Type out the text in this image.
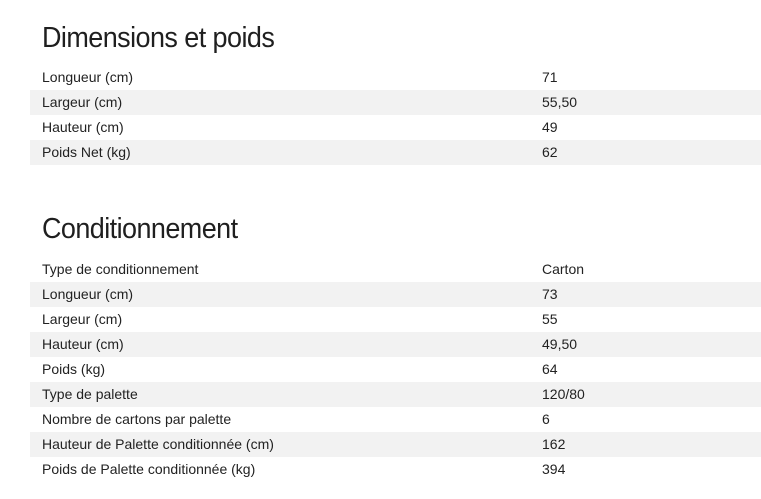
Dimensions et poids
Longueur (cm)	71
Largeur (cm)	55,50
Hauteur (cm)	49
Poids Net (kg)	62
Conditionnement
Type de conditionnement	Carton
Longueur (cm)	73
Largeur (cm)	55
Hauteur (cm)	49,50
Poids (kg)	64
Type de palette	120/80
Nombre de cartons par palette	6
Hauteur de Palette conditionnée (cm)	162
Poids de Palette conditionnée (kg)	394
